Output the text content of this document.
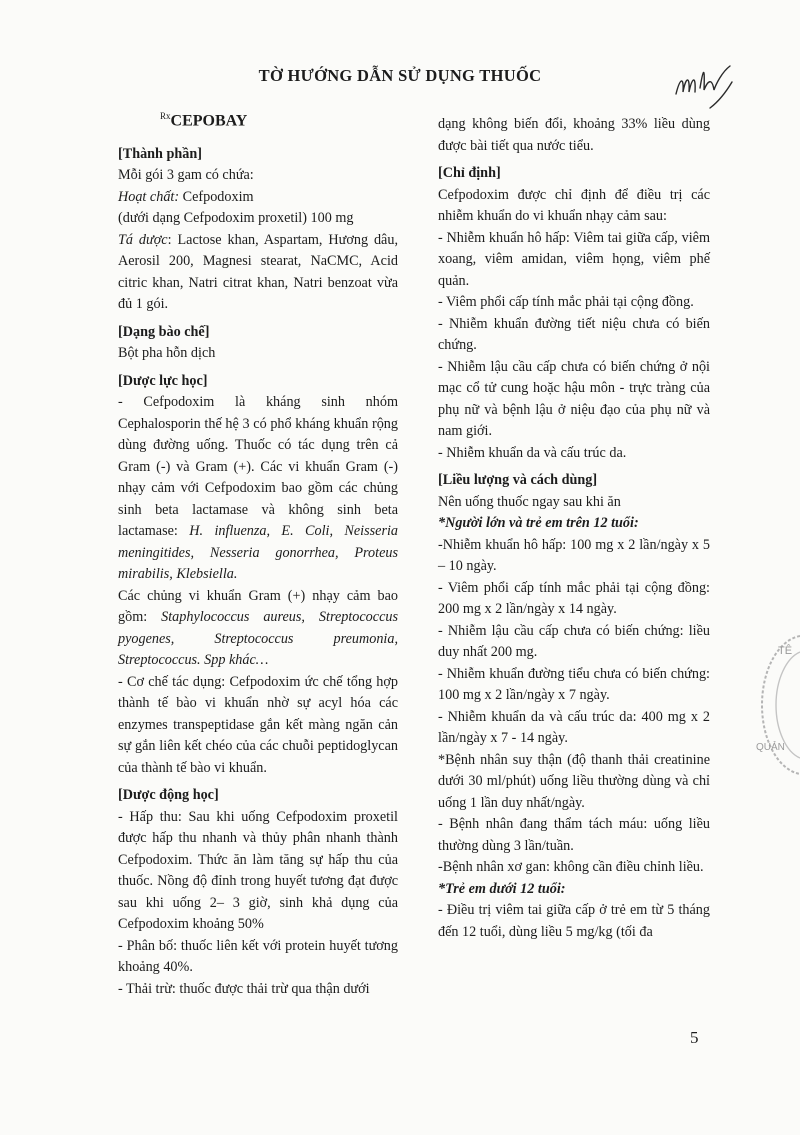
TỜ HƯỚNG DẪN SỬ DỤNG THUỐC
TÊ
QUẢN
$^{Rx}$CEPOBAY
[Thành phần]

Mỗi gói 3 gam có chứa:

Hoạt chất: Cefpodoxim

(dưới dạng Cefpodoxim proxetil) 100 mg

Tá dược: Lactose khan, Aspartam, Hương dâu, Aerosil 200, Magnesi stearat, NaCMC, Acid citric khan, Natri citrat khan, Natri benzoat vừa đủ 1 gói.

[Dạng bào chế]

Bột pha hỗn dịch

[Dược lực học]

- Cefpodoxim là kháng sinh nhóm Cephalosporin thế hệ 3 có phổ kháng khuẩn rộng dùng đường uống. Thuốc có tác dụng trên cả Gram (-) và Gram (+). Các vi khuẩn Gram (-) nhạy cảm với Cefpodoxim bao gồm các chủng sinh beta lactamase và không sinh beta lactamase: H. influenza, E. Coli, Neisseria meningitides, Nesseria gonorrhea, Proteus mirabilis, Klebsiella.

Các chủng vi khuẩn Gram (+) nhạy cảm bao gồm: Staphylococcus aureus, Streptococcus pyogenes, Streptococcus preumonia, Streptococcus. Spp khác…

- Cơ chế tác dụng: Cefpodoxim ức chế tổng hợp thành tế bào vi khuẩn nhờ sự acyl hóa các enzymes transpeptidase gắn kết màng ngăn cản sự gắn liên kết chéo của các chuỗi peptidoglycan của thành tế bào vi khuẩn.

[Dược động học]

- Hấp thu: Sau khi uống Cefpodoxim proxetil được hấp thu nhanh và thủy phân nhanh thành Cefpodoxim. Thức ăn làm tăng sự hấp thu của thuốc. Nồng độ đỉnh trong huyết tương đạt được sau khi uống 2– 3 giờ, sinh khả dụng của Cefpodoxim khoảng 50%

- Phân bố: thuốc liên kết với protein huyết tương khoảng 40%.

- Thải trừ: thuốc được thải trừ qua thận dưới

dạng không biến đổi, khoảng 33% liều dùng được bài tiết qua nước tiểu.

[Chỉ định]

Cefpodoxim được chỉ định để điều trị các nhiễm khuẩn do vi khuẩn nhạy cảm sau:

- Nhiễm khuẩn hô hấp: Viêm tai giữa cấp, viêm xoang, viêm amidan, viêm họng, viêm phế quản.

- Viêm phổi cấp tính mắc phải tại cộng đồng.

- Nhiễm khuẩn đường tiết niệu chưa có biến chứng.

- Nhiễm lậu cầu cấp chưa có biến chứng ở nội mạc cổ tử cung hoặc hậu môn - trực tràng của phụ nữ và bệnh lậu ở niệu đạo của phụ nữ và nam giới.

- Nhiễm khuẩn da và cấu trúc da.

[Liều lượng và cách dùng]

Nên uống thuốc ngay sau khi ăn

*Người lớn và trẻ em trên 12 tuổi:

-Nhiễm khuẩn hô hấp: 100 mg x 2 lần/ngày x 5 – 10 ngày.

- Viêm phổi cấp tính mắc phải tại cộng đồng: 200 mg x 2 lần/ngày x 14 ngày.

- Nhiễm lậu cầu cấp chưa có biến chứng: liều duy nhất 200 mg.

- Nhiễm khuẩn đường tiểu chưa có biến chứng: 100 mg x 2 lần/ngày x 7 ngày.

- Nhiễm khuẩn da và cấu trúc da: 400 mg x 2 lần/ngày x 7 - 14 ngày.

*Bệnh nhân suy thận (độ thanh thải creatinine dưới 30 ml/phút) uống liều thường dùng và chỉ uống 1 lần duy nhất/ngày.

- Bệnh nhân đang thẩm tách máu: uống liều thường dùng 3 lần/tuần.

-Bệnh nhân xơ gan: không cần điều chỉnh liều.

*Trẻ em dưới 12 tuổi:

- Điều trị viêm tai giữa cấp ở trẻ em từ 5 tháng đến 12 tuổi, dùng liều 5 mg/kg (tối đa

5
